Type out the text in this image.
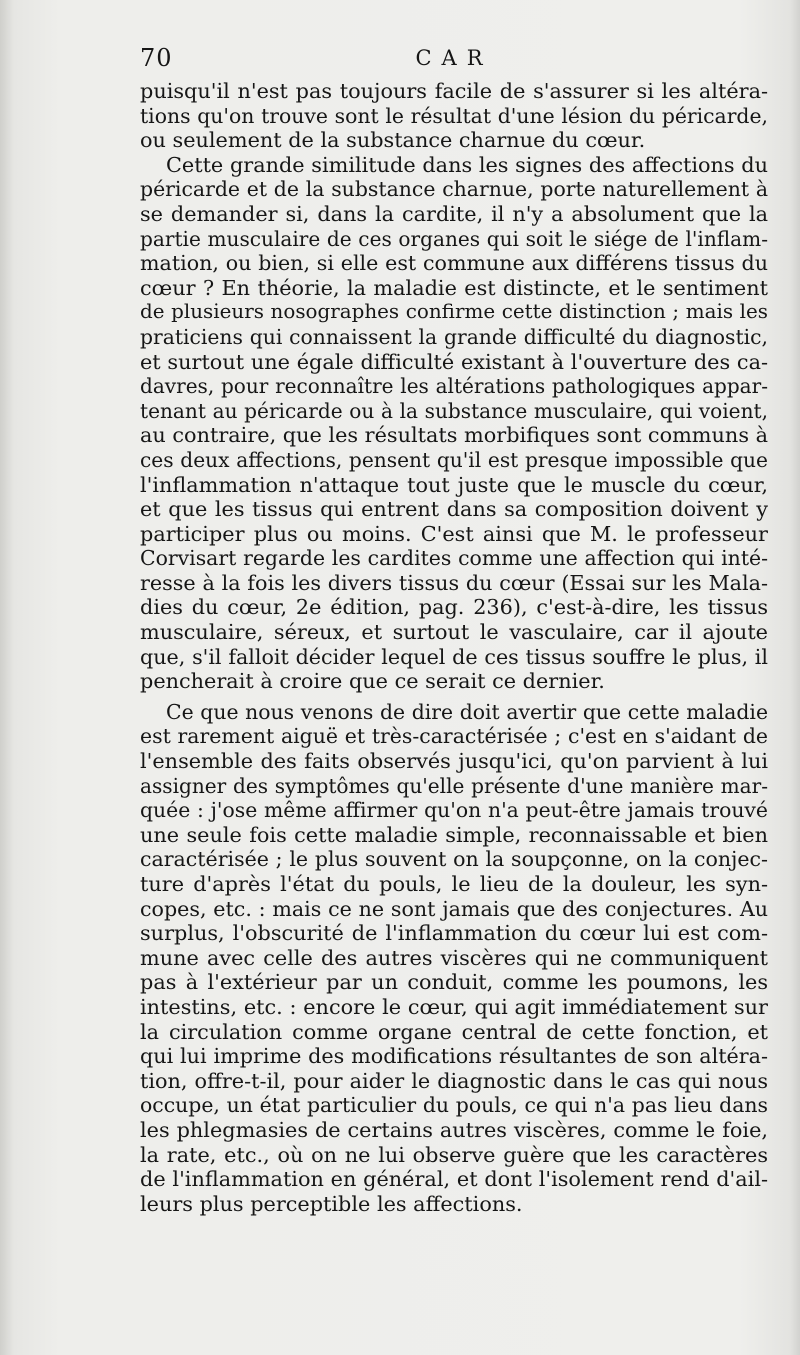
70	CAR
puisqu'il n'est pas toujours facile de s'assurer si les altéra-
tions qu'on trouve sont le résultat d'une lésion du péricarde,
ou seulement de la substance charnue du cœur.
Cette grande similitude dans les signes des affections du
péricarde et de la substance charnue, porte naturellement à
se demander si, dans la cardite, il n'y a absolument que la
partie musculaire de ces organes qui soit le siége de l'inflam-
mation, ou bien, si elle est commune aux différens tissus du
cœur ? En théorie, la maladie est distincte, et le sentiment
de plusieurs nosographes confirme cette distinction ; mais les
praticiens qui connaissent la grande difficulté du diagnostic,
et surtout une égale difficulté existant à l'ouverture des ca-
davres, pour reconnaître les altérations pathologiques appar-
tenant au péricarde ou à la substance musculaire, qui voient,
au contraire, que les résultats morbifiques sont communs à
ces deux affections, pensent qu'il est presque impossible que
l'inflammation n'attaque tout juste que le muscle du cœur,
et que les tissus qui entrent dans sa composition doivent y
participer plus ou moins. C'est ainsi que M. le professeur
Corvisart regarde les cardites comme une affection qui inté-
resse à la fois les divers tissus du cœur (Essai sur les Mala-
dies du cœur, 2e édition, pag. 236), c'est-à-dire, les tissus
musculaire, séreux, et surtout le vasculaire, car il ajoute
que, s'il falloit décider lequel de ces tissus souffre le plus, il
pencherait à croire que ce serait ce dernier.
Ce que nous venons de dire doit avertir que cette maladie
est rarement aiguë et très-caractérisée ; c'est en s'aidant de
l'ensemble des faits observés jusqu'ici, qu'on parvient à lui
assigner des symptômes qu'elle présente d'une manière mar-
quée : j'ose même affirmer qu'on n'a peut-être jamais trouvé
une seule fois cette maladie simple, reconnaissable et bien
caractérisée ; le plus souvent on la soupçonne, on la conjec-
ture d'après l'état du pouls, le lieu de la douleur, les syn-
copes, etc. : mais ce ne sont jamais que des conjectures. Au
surplus, l'obscurité de l'inflammation du cœur lui est com-
mune avec celle des autres viscères qui ne communiquent
pas à l'extérieur par un conduit, comme les poumons, les
intestins, etc. : encore le cœur, qui agit immédiatement sur
la circulation comme organe central de cette fonction, et
qui lui imprime des modifications résultantes de son altéra-
tion, offre-t-il, pour aider le diagnostic dans le cas qui nous
occupe, un état particulier du pouls, ce qui n'a pas lieu dans
les phlegmasies de certains autres viscères, comme le foie,
la rate, etc., où on ne lui observe guère que les caractères
de l'inflammation en général, et dont l'isolement rend d'ail-
leurs plus perceptible les affections.
